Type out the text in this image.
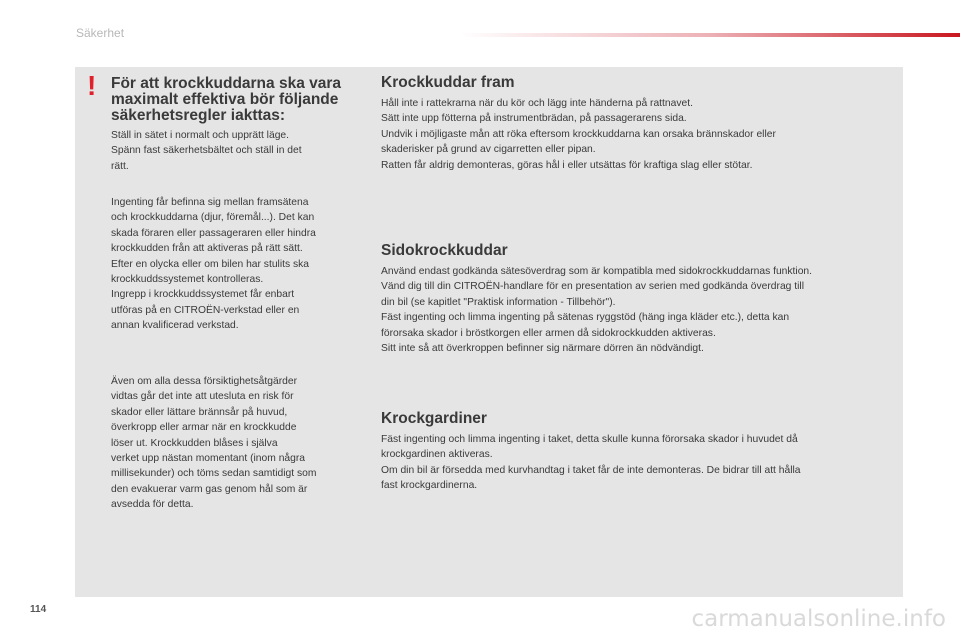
Säkerhet
! För att krockkuddarna ska vara
maximalt effektiva bör följande
säkerhetsregler iakttas:
Ställ in sätet i normalt och upprätt läge.
Spänn fast säkerhetsbältet och ställ in det
rätt.
Ingenting får befinna sig mellan framsätena
och krockkuddarna (djur, föremål...). Det kan
skada föraren eller passageraren eller hindra
krockkudden från att aktiveras på rätt sätt.
Efter en olycka eller om bilen har stulits ska
krockkuddssystemet kontrolleras.
Ingrepp i krockkuddssystemet får enbart
utföras på en CITROËN-verkstad eller en
annan kvalificerad verkstad.
Även om alla dessa försiktighetsåtgärder
vidtas går det inte att utesluta en risk för
skador eller lättare brännsår på huvud,
överkropp eller armar när en krockkudde
löser ut. Krockkudden blåses i själva
verket upp nästan momentant (inom några
millisekunder) och töms sedan samtidigt som
den evakuerar varm gas genom hål som är
avsedda för detta.
Krockkuddar fram
Håll inte i rattekrarna när du kör och lägg inte händerna på rattnavet.
Sätt inte upp fötterna på instrumentbrädan, på passagerarens sida.
Undvik i möjligaste mån att röka eftersom krockkuddarna kan orsaka brännskador eller
skaderisker på grund av cigarretten eller pipan.
Ratten får aldrig demonteras, göras hål i eller utsättas för kraftiga slag eller stötar.
Sidokrockkuddar
Använd endast godkända sätesöverdrag som är kompatibla med sidokrockkuddarnas funktion.
Vänd dig till din CITROËN-handlare för en presentation av serien med godkända överdrag till
din bil (se kapitlet "Praktisk information - Tillbehör").
Fäst ingenting och limma ingenting på sätenas ryggstöd (häng inga kläder etc.), detta kan
förorsaka skador i bröstkorgen eller armen då sidokrockkudden aktiveras.
Sitt inte så att överkroppen befinner sig närmare dörren än nödvändigt.
Krockgardiner
Fäst ingenting och limma ingenting i taket, detta skulle kunna förorsaka skador i huvudet då
krockgardinen aktiveras.
Om din bil är försedda med kurvhandtag i taket får de inte demonteras. De bidrar till att hålla
fast krockgardinerna.
114	carmanualsonline.info
